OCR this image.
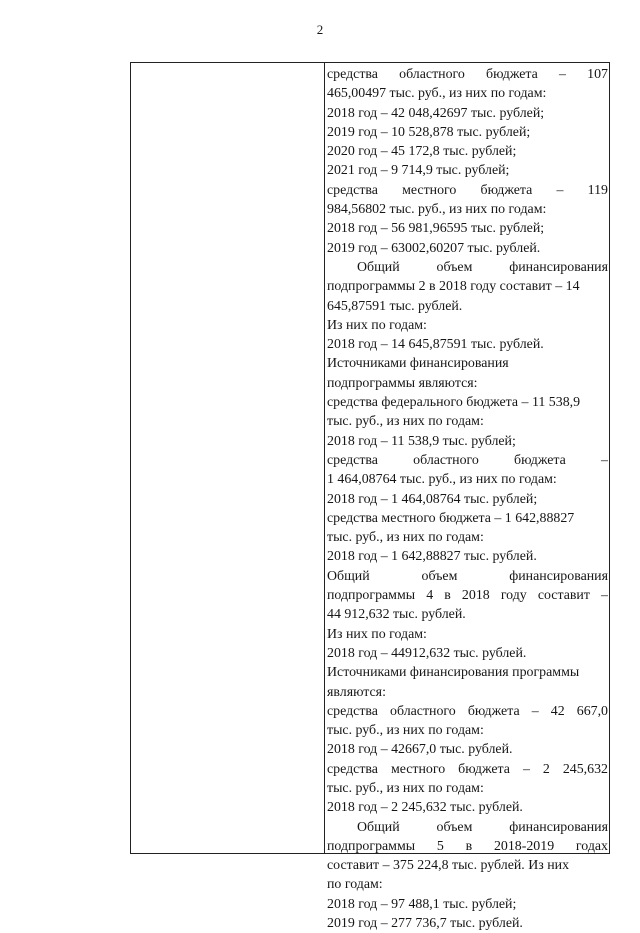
2
средства областного бюджета – 107
465,00497 тыс. руб., из них по годам:
2018 год – 42 048,42697 тыс. рублей;
2019 год – 10 528,878 тыс. рублей;
2020 год – 45 172,8 тыс. рублей;
2021 год – 9 714,9 тыс. рублей;
средства местного бюджета – 119
984,56802 тыс. руб., из них по годам:
2018 год – 56 981,96595 тыс. рублей;
2019 год – 63002,60207 тыс. рублей.
Общий объем финансирования
подпрограммы 2 в 2018 году составит – 14
645,87591 тыс. рублей.
Из них по годам:
2018 год – 14 645,87591 тыс. рублей.
Источниками финансирования
подпрограммы являются:
средства федерального бюджета – 11 538,9
тыс. руб., из них по годам:
2018 год – 11 538,9 тыс. рублей;
средства областного бюджета –
1 464,08764 тыс. руб., из них по годам:
2018 год – 1 464,08764 тыс. рублей;
средства местного бюджета – 1 642,88827
тыс. руб., из них по годам:
2018 год – 1 642,88827 тыс. рублей.
Общий объем финансирования
подпрограммы 4 в 2018 году составит –
44 912,632 тыс. рублей.
Из них по годам:
2018 год – 44912,632 тыс. рублей.
Источниками финансирования программы
являются:
средства областного бюджета – 42 667,0
тыс. руб., из них по годам:
2018 год – 42667,0 тыс. рублей.
средства местного бюджета – 2 245,632
тыс. руб., из них по годам:
2018 год – 2 245,632 тыс. рублей.
Общий объем финансирования
подпрограммы 5 в 2018-2019 годах
составит – 375 224,8 тыс. рублей. Из них
по годам:
2018 год – 97 488,1 тыс. рублей;
2019 год – 277 736,7 тыс. рублей.
